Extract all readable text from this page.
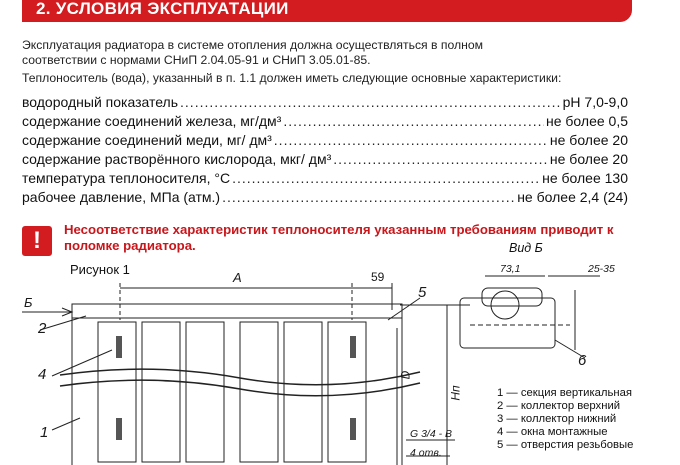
2. УСЛОВИЯ ЭКСПЛУАТАЦИИ
Эксплуатация радиатора в системе отопления должна осуществляться в полном
соответствии с нормами СНиП 2.04.05-91 и СНиП 3.05.01-85.
Теплоноситель (вода), указанный в п. 1.1 должен иметь следующие основные характеристики:
водородный показатель .....	pH 7,0-9,0
содержание соединений железа, мг/дм³ .....	не более 0,5
содержание соединений меди, мг/ дм³ .....	не более 20
содержание растворённого кислорода, мкг/ дм³ .....	не более 20
температура теплоносителя, °С .....	не более 130
рабочее давление, МПа (атм.) .....	не более 2,4 (24)
!	Несоответствие характеристик теплоносителя указанным требованиям приводит к поломке радиатора.
Рисунок 1
Вид Б
А	59
D
Нп
73,1	25-35
G 3/4 - B
4 отв.
Б
2
4
1
5
6
1 — секция вертикальная
2 — коллектор верхний
3 — коллектор нижний
4 — окна монтажные
5 — отверстия резьбовые
